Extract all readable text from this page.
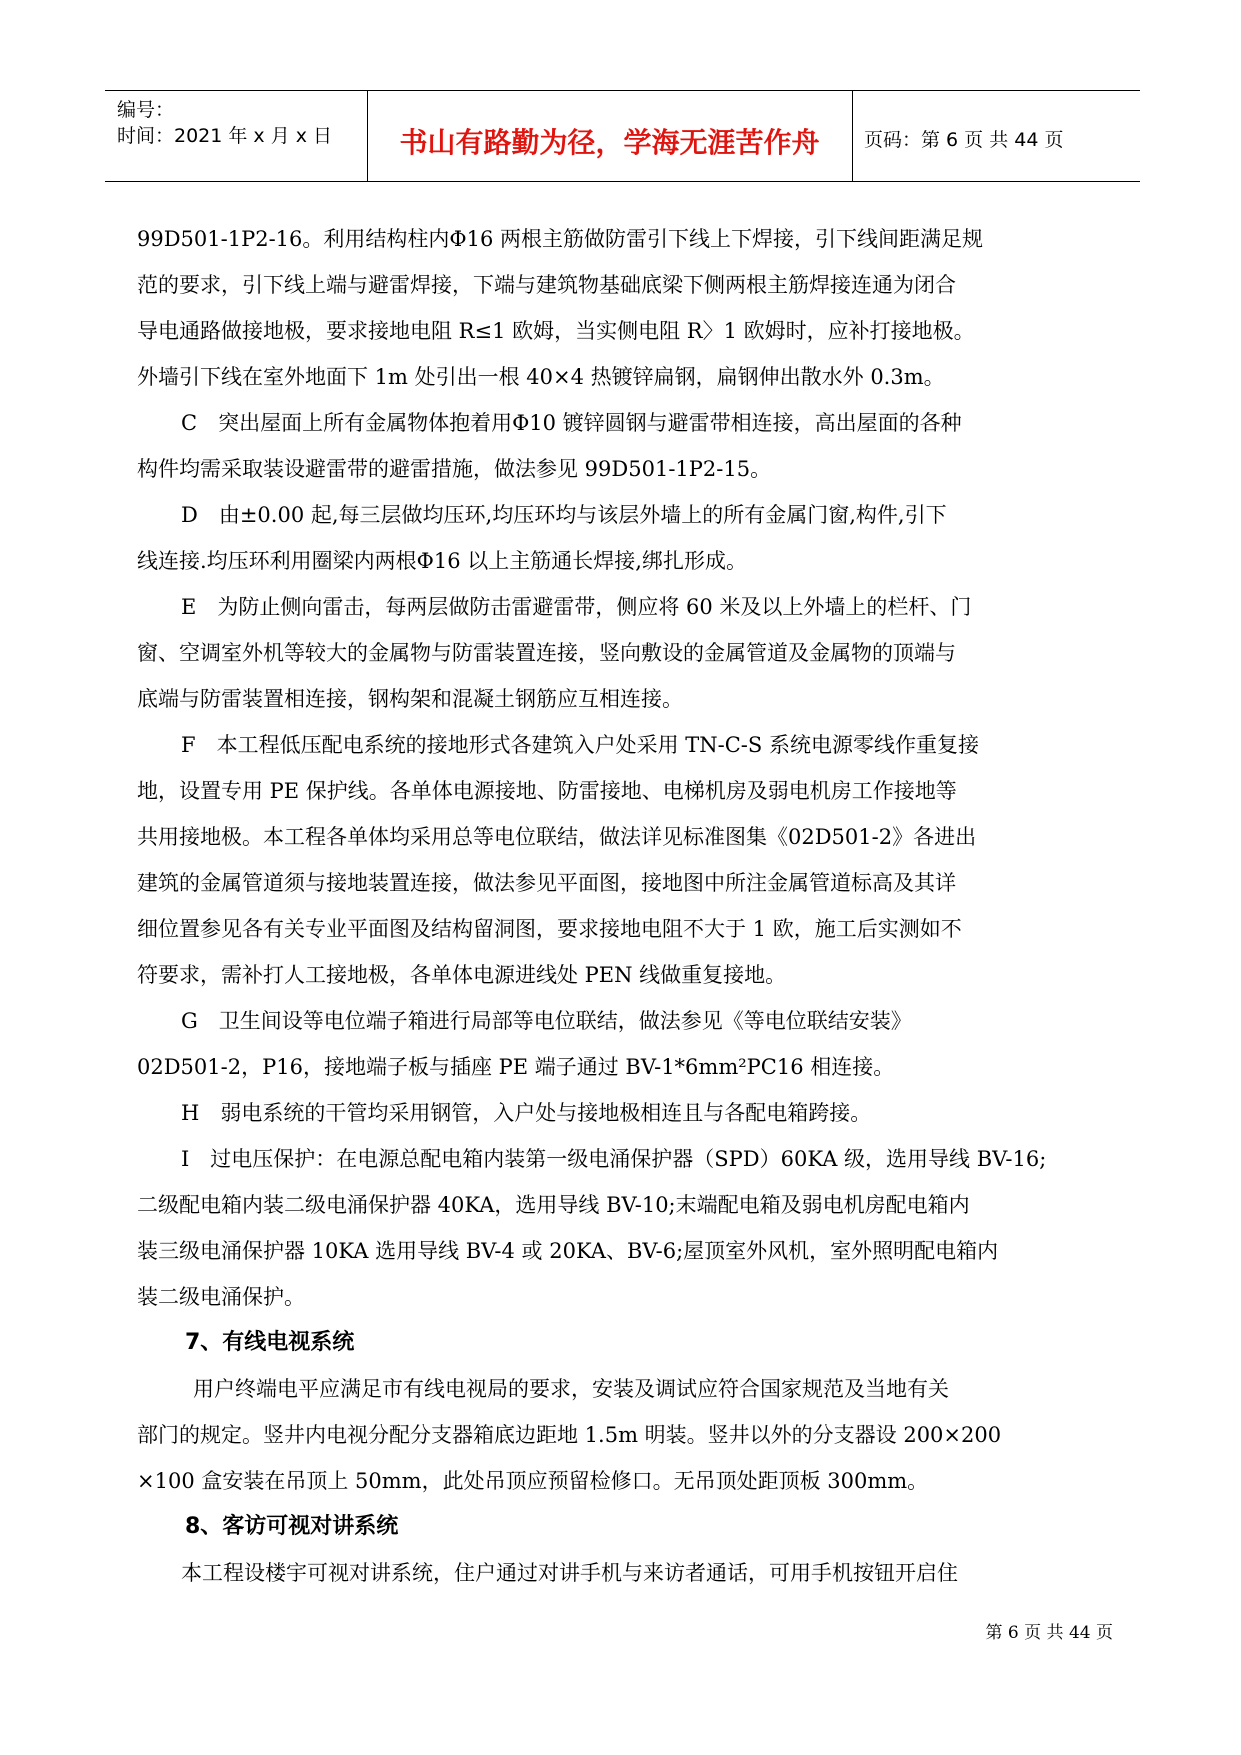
编号：
时间：2021 年 x 月 x 日	书山有路勤为径，学海无涯苦作舟	页码：第 6 页 共 44 页
99D501-1P2-16。利用结构柱内Φ16 两根主筋做防雷引下线上下焊接，引下线间距满足规
范的要求，引下线上端与避雷焊接，下端与建筑物基础底梁下侧两根主筋焊接连通为闭合
导电通路做接地极，要求接地电阻 R≤1 欧姆，当实侧电阻 R〉1 欧姆时，应补打接地极。
外墙引下线在室外地面下 1m 处引出一根 40×4 热镀锌扁钢，扁钢伸出散水外 0.3m。
C　突出屋面上所有金属物体抱着用Φ10 镀锌圆钢与避雷带相连接，高出屋面的各种
构件均需采取装设避雷带的避雷措施，做法参见 99D501-1P2-15。
D　由±0.00 起,每三层做均压环,均压环均与该层外墙上的所有金属门窗,构件,引下
线连接.均压环利用圈梁内两根Φ16 以上主筋通长焊接,绑扎形成。
E　为防止侧向雷击，每两层做防击雷避雷带，侧应将 60 米及以上外墙上的栏杆、门
窗、空调室外机等较大的金属物与防雷装置连接，竖向敷设的金属管道及金属物的顶端与
底端与防雷装置相连接，钢构架和混凝土钢筋应互相连接。
F　本工程低压配电系统的接地形式各建筑入户处采用 TN-C-S 系统电源零线作重复接
地，设置专用 PE 保护线。各单体电源接地、防雷接地、电梯机房及弱电机房工作接地等
共用接地极。本工程各单体均采用总等电位联结，做法详见标准图集《02D501-2》各进出
建筑的金属管道须与接地装置连接，做法参见平面图，接地图中所注金属管道标高及其详
细位置参见各有关专业平面图及结构留洞图，要求接地电阻不大于 1 欧，施工后实测如不
符要求，需补打人工接地极，各单体电源进线处 PEN 线做重复接地。
G　卫生间设等电位端子箱进行局部等电位联结，做法参见《等电位联结安装》
02D501-2，P16，接地端子板与插座 PE 端子通过 BV-1*6mm²PC16 相连接。
H　弱电系统的干管均采用钢管，入户处与接地极相连且与各配电箱跨接。
I　过电压保护：在电源总配电箱内装第一级电涌保护器（SPD）60KA 级，选用导线 BV-16;
二级配电箱内装二级电涌保护器 40KA，选用导线 BV-10;末端配电箱及弱电机房配电箱内
装三级电涌保护器 10KA 选用导线 BV-4 或 20KA、BV-6;屋顶室外风机，室外照明配电箱内
装二级电涌保护。
7、有线电视系统
用户终端电平应满足市有线电视局的要求，安装及调试应符合国家规范及当地有关
部门的规定。竖井内电视分配分支器箱底边距地 1.5m 明装。竖井以外的分支器设 200×200
×100 盒安装在吊顶上 50mm，此处吊顶应预留检修口。无吊顶处距顶板 300mm。
8、客访可视对讲系统
本工程设楼宇可视对讲系统，住户通过对讲手机与来访者通话，可用手机按钮开启住
第 6 页 共 44 页
